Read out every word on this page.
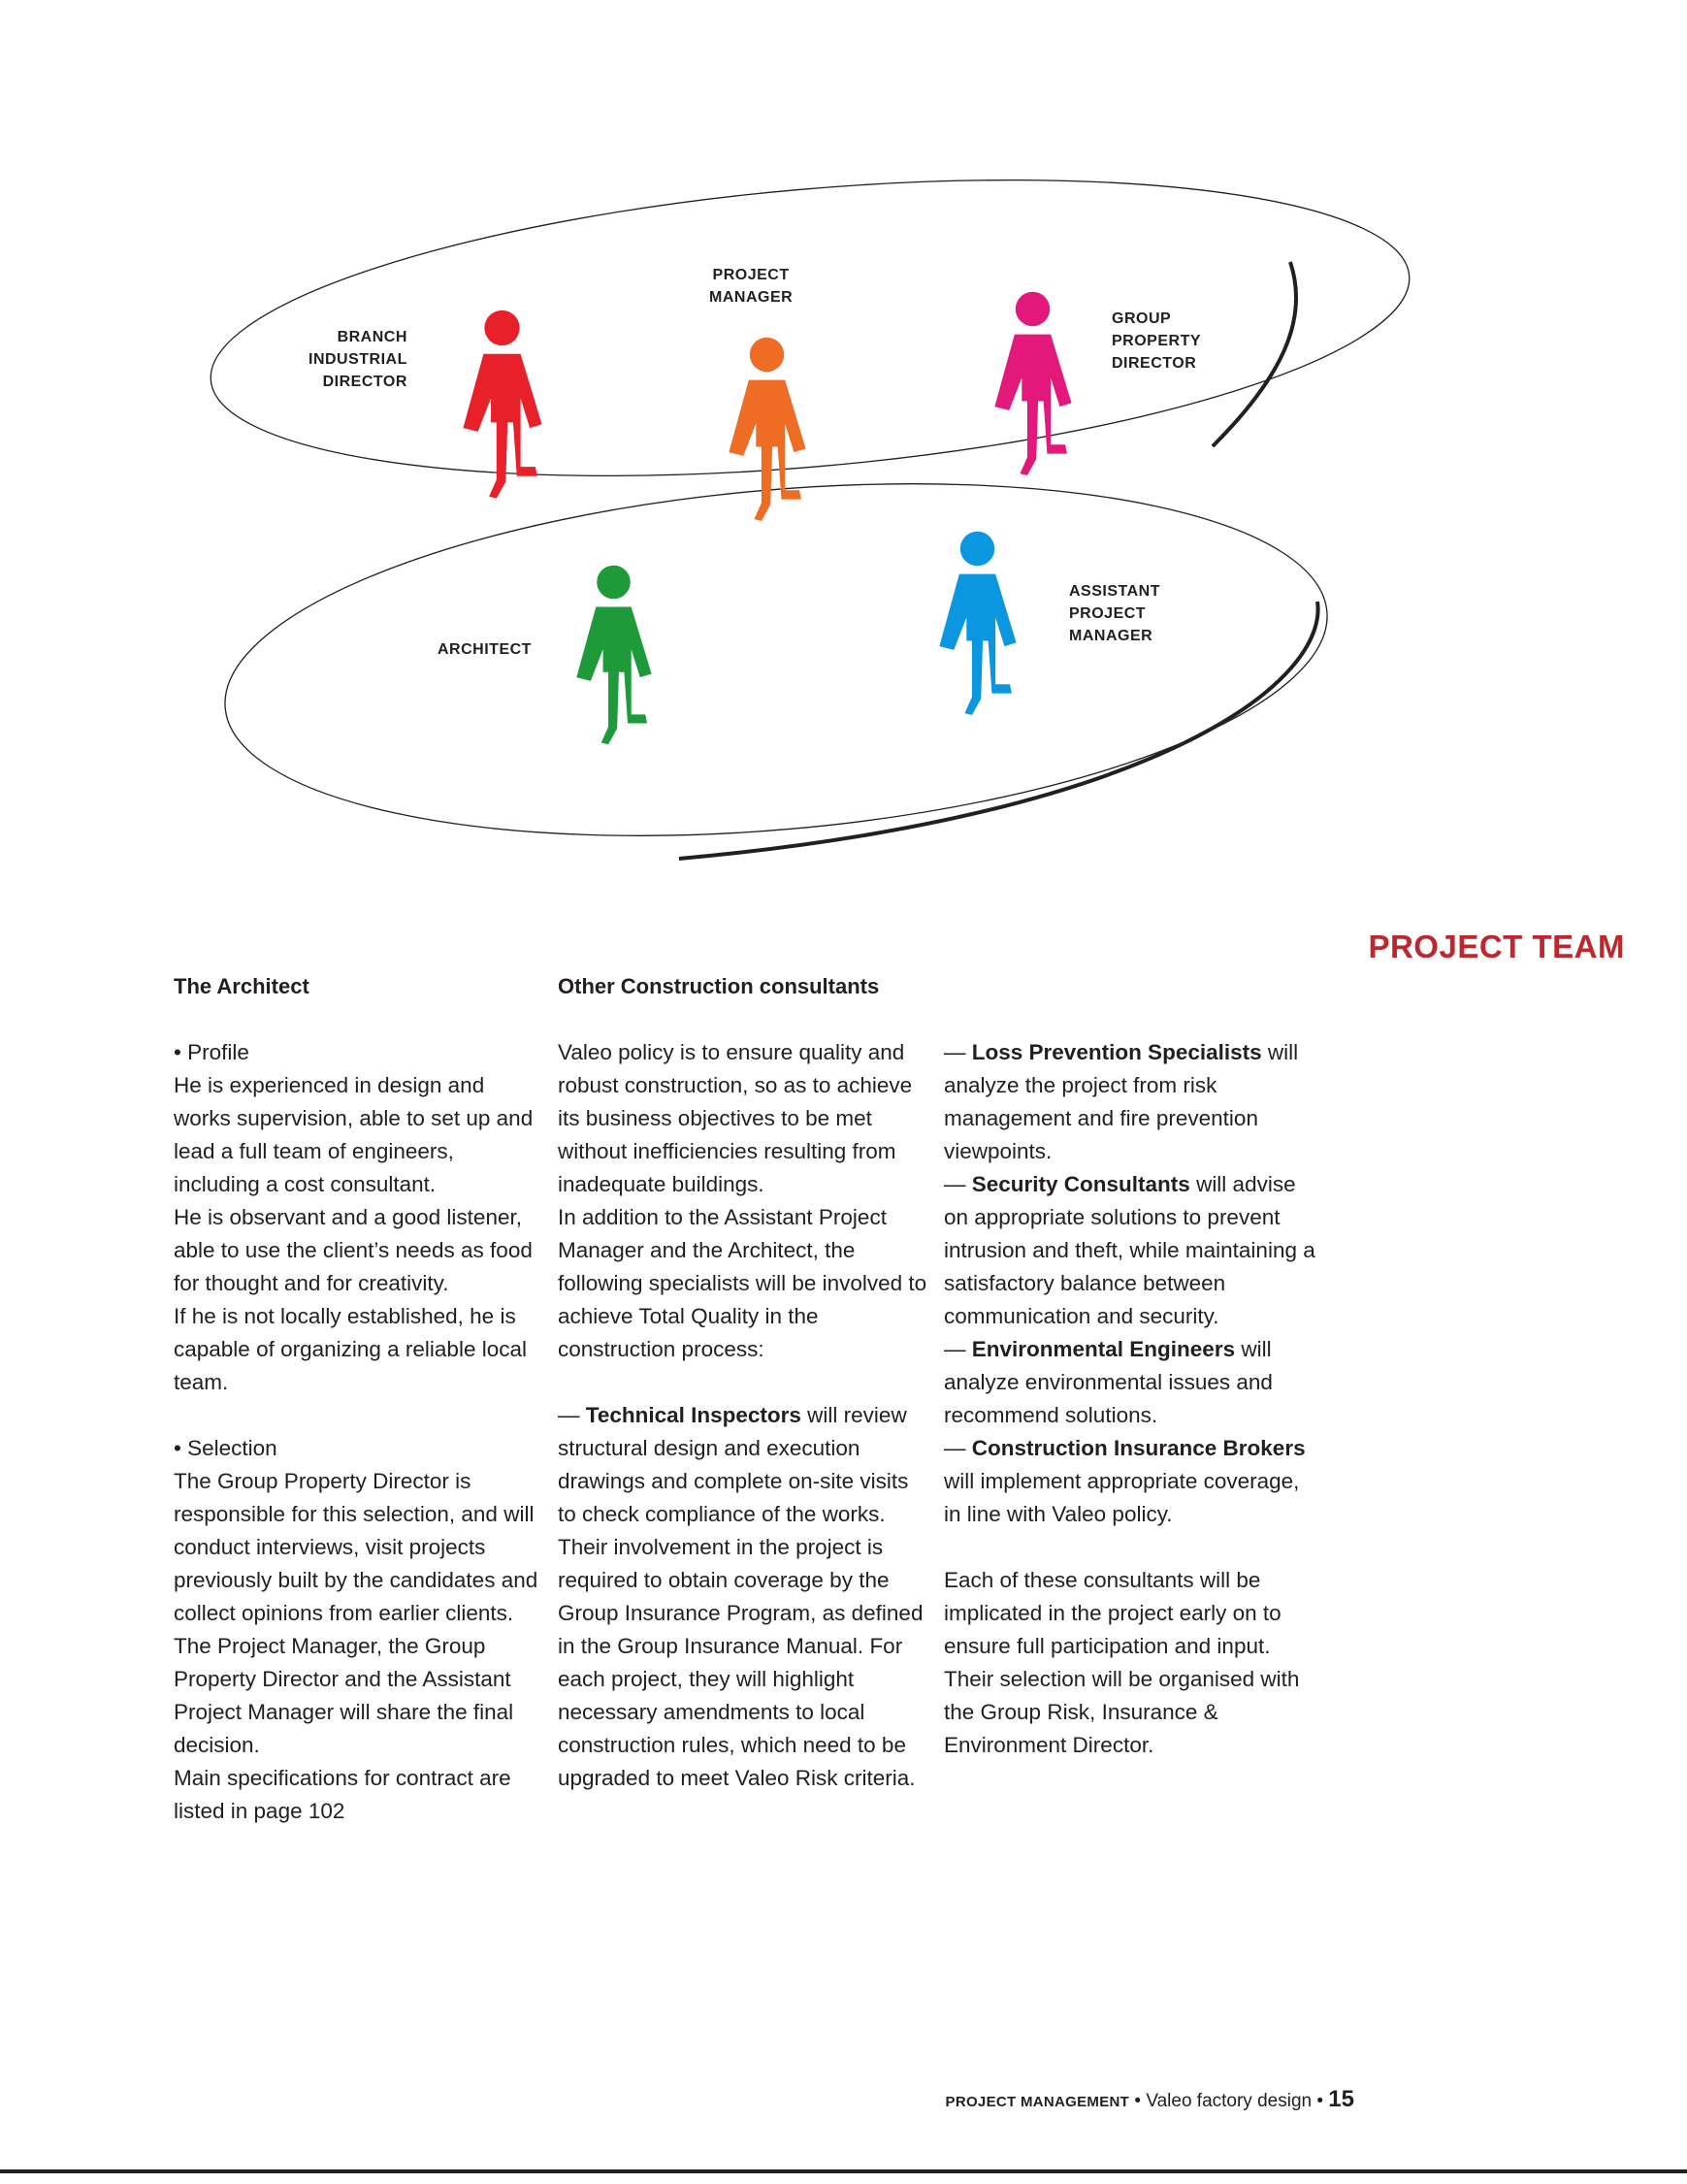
BRANCH
INDUSTRIAL
DIRECTOR
PROJECT
MANAGER
GROUP
PROPERTY
DIRECTOR
ARCHITECT
ASSISTANT
PROJECT
MANAGER
PROJECT TEAM

The Architect

• Profile

He is experienced in design and works supervision, able to set up and lead a full team of engineers, including a cost consultant.

He is observant and a good listener, able to use the client’s needs as food for thought and for creativity.

If he is not locally established, he is capable of organizing a reliable local team.

• Selection

The Group Property Director is responsible for this selection, and will conduct interviews, visit projects previously built by the candidates and collect opinions from earlier clients.

The Project Manager, the Group Property Director and the Assistant Project Manager will share the final decision.

Main specifications for contract are listed in page 102

Other Construction consultants

Valeo policy is to ensure quality and robust construction, so as to achieve its business objectives to be met without inefficiencies resulting from inadequate buildings.

In addition to the Assistant Project Manager and the Architect, the following specialists will be involved to achieve Total Quality in the construction process:

— Technical Inspectors will review structural design and execution drawings and complete on-site visits to check compliance of the works. Their involvement in the project is required to obtain coverage by the Group Insurance Program, as defined in the Group Insurance Manual. For each project, they will highlight necessary amendments to local construction rules, which need to be upgraded to meet Valeo Risk criteria.

— Loss Prevention Specialists will analyze the project from risk management and fire prevention viewpoints.

— Security Consultants will advise on appropriate solutions to prevent intrusion and theft, while maintaining a satisfactory balance between communication and security.

— Environmental Engineers will analyze environmental issues and recommend solutions.

— Construction Insurance Brokers will implement appropriate coverage, in line with Valeo policy.

Each of these consultants will be implicated in the project early on to ensure full participation and input. Their selection will be organised with the Group Risk, Insurance & Environment Director.

PROJECT MANAGEMENT • Valeo factory design • 15
